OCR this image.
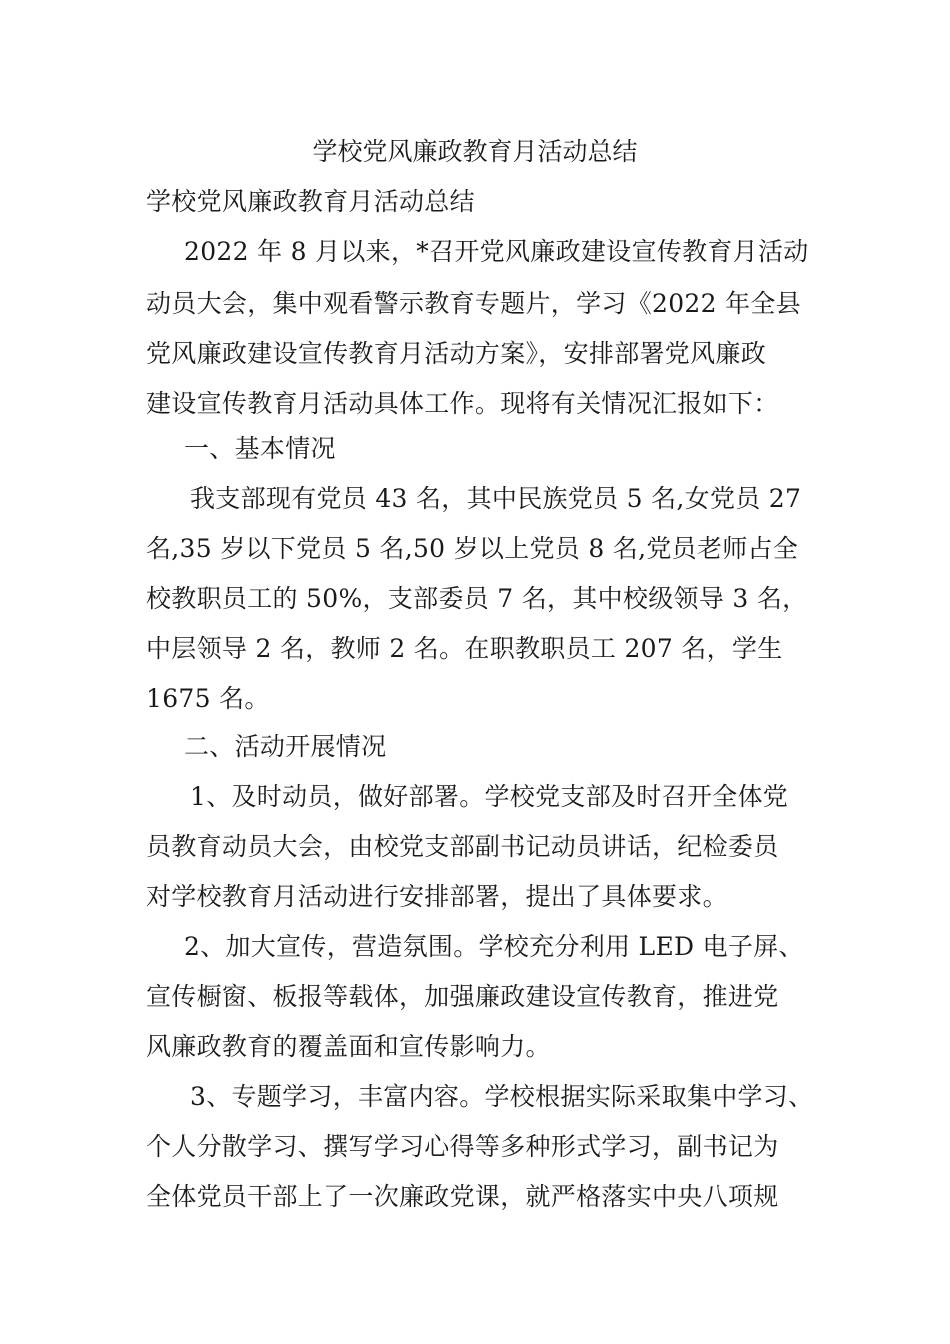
学校党风廉政教育月活动总结
学校党风廉政教育月活动总结
2022 年 8 月以来，*召开党风廉政建设宣传教育月活动
动员大会，集中观看警示教育专题片，学习《2022 年全县
党风廉政建设宣传教育月活动方案》，安排部署党风廉政
建设宣传教育月活动具体工作。现将有关情况汇报如下：
一、基本情况
我支部现有党员 43 名，其中民族党员 5 名,女党员 27
名,35 岁以下党员 5 名,50 岁以上党员 8 名,党员老师占全
校教职员工的 50%，支部委员 7 名，其中校级领导 3 名，
中层领导 2 名，教师 2 名。在职教职员工 207 名，学生
1675 名。
二、活动开展情况
1、及时动员，做好部署。学校党支部及时召开全体党
员教育动员大会，由校党支部副书记动员讲话，纪检委员
对学校教育月活动进行安排部署，提出了具体要求。
2、加大宣传，营造氛围。学校充分利用 LED 电子屏、
宣传橱窗、板报等载体，加强廉政建设宣传教育，推进党
风廉政教育的覆盖面和宣传影响力。
3、专题学习，丰富内容。学校根据实际采取集中学习、
个人分散学习、撰写学习心得等多种形式学习，副书记为
全体党员干部上了一次廉政党课，就严格落实中央八项规
